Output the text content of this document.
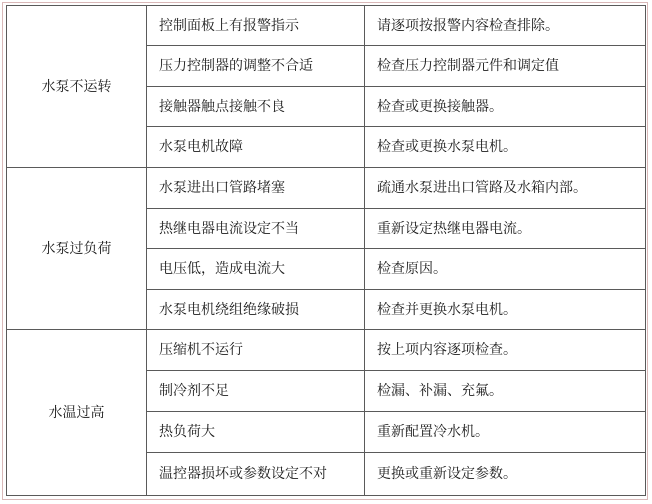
水泵不运转	控制面板上有报警指示	请逐项按报警内容检查排除。
	压力控制器的调整不合适	检查压力控制器元件和调定值
	接触器触点接触不良	检查或更换接触器。
	水泵电机故障	检查或更换水泵电机。
水泵过负荷	水泵进出口管路堵塞	疏通水泵进出口管路及水箱内部。
	热继电器电流设定不当	重新设定热继电器电流。
	电压低，造成电流大	检查原因。
	水泵电机绕组绝缘破损	检查并更换水泵电机。
水温过高	压缩机不运行	按上项内容逐项检查。
	制冷剂不足	检漏、补漏、充氟。
	热负荷大	重新配置冷水机。
	温控器损坏或参数设定不对	更换或重新设定参数。
